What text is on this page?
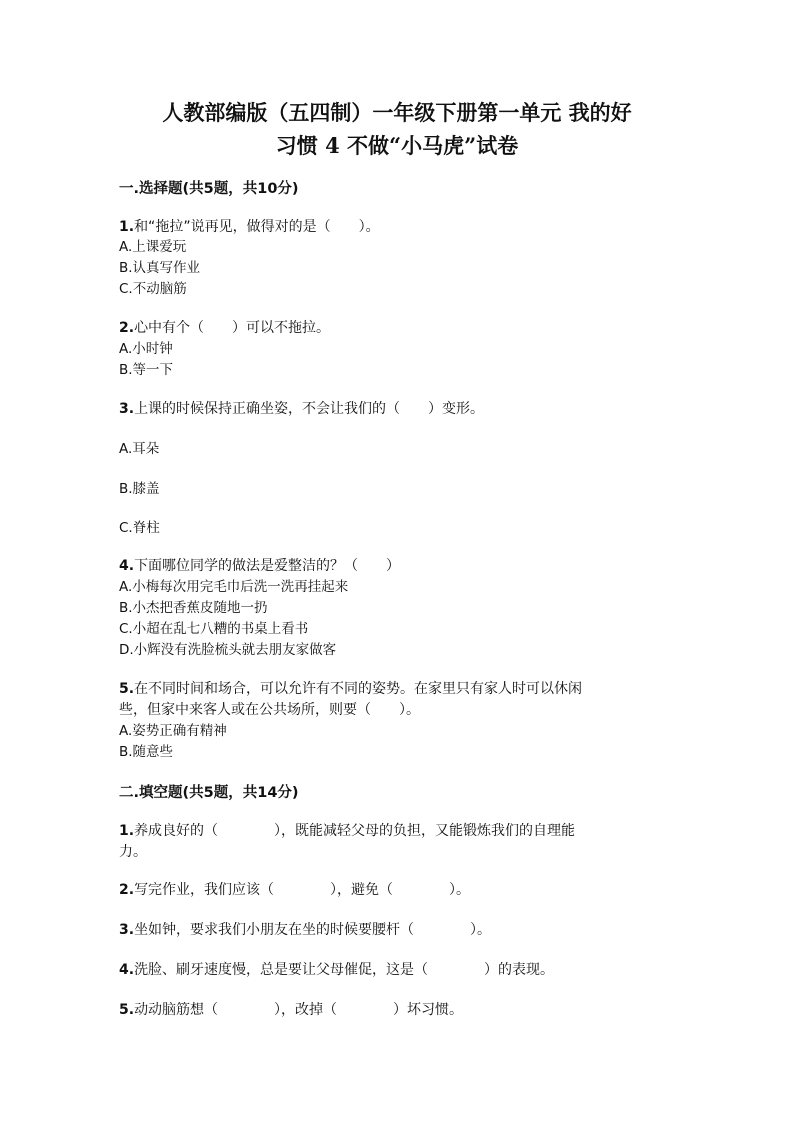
人教部编版（五四制）一年级下册第一单元 我的好
习惯 4 不做“小马虎”试卷
一.选择题(共5题，共10分)
1.和“拖拉”说再见，做得对的是（　　）。
A.上课爱玩
B.认真写作业
C.不动脑筋
2.心中有个（　　）可以不拖拉。
A.小时钟
B.等一下
3.上课的时候保持正确坐姿，不会让我们的（　　）变形。
A.耳朵
B.膝盖
C.脊柱
4.下面哪位同学的做法是爱整洁的？（　　）
A.小梅每次用完毛巾后洗一洗再挂起来
B.小杰把香蕉皮随地一扔
C.小超在乱七八糟的书桌上看书
D.小辉没有洗脸梳头就去朋友家做客
5.在不同时间和场合，可以允许有不同的姿势。在家里只有家人时可以休闲
些，但家中来客人或在公共场所，则要（　　）。
A.姿势正确有精神
B.随意些
二.填空题(共5题，共14分)
1.养成良好的（　　　　），既能减轻父母的负担，又能锻炼我们的自理能
力。
2.写完作业，我们应该（　　　　），避免（　　　　）。
3.坐如钟，要求我们小朋友在坐的时候要腰杆（　　　　）。
4.洗脸、刷牙速度慢，总是要让父母催促，这是（　　　　）的表现。
5.动动脑筋想（　　　　），改掉（　　　　）坏习惯。
